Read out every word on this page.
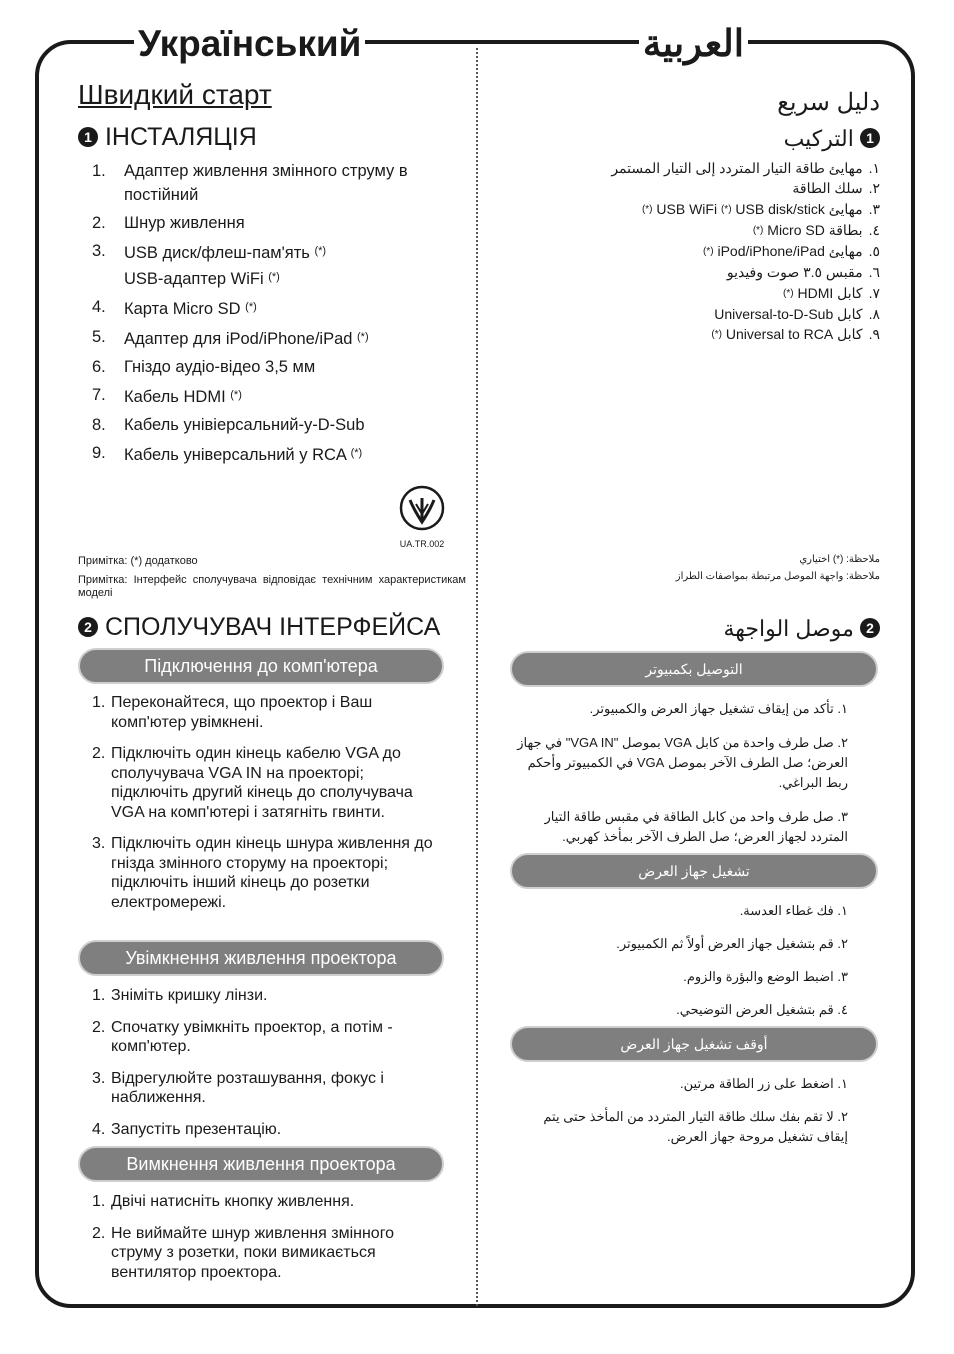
Український	العربية
Швидкий старт
1 ІНСТАЛЯЦІЯ
1. Адаптер живлення змінного струму в постійний
2. Шнур живлення
3. USB диск/флеш-пам'ять (*)
USB-адаптер WiFi (*)
4. Карта Micro SD (*)
5. Адаптер для iPod/iPhone/iPad (*)
6. Гніздо аудіо-відео 3,5 мм
7. Кабель HDMI (*)
8. Кабель унівіерсальний-у-D-Sub
9. Кабель універсальний у RCA (*)
UA.TR.002

Примітка: (*) додатково

Примітка: Інтерфейс сполучувача відповідає технічним характеристикам моделі

2 СПОЛУЧУВАЧ ІНТЕРФЕЙСА
Підключення до комп'ютера
1. Переконайтеся, що проектор і Ваш комп'ютер увімкнені.
2. Підключіть один кінець кабелю VGA до сполучувача VGA IN на проекторі; підключіть другий кінець до сполучувача VGA на комп'ютері і затягніть гвинти.
3. Підключіть один кінець шнура живлення до гнізда змінного сторуму на проекторі; підключіть інший кінець до розетки електромережі.
Увімкнення живлення проектора
1. Зніміть кришку лінзи.
2. Спочатку увімкніть проектор, а потім - комп'ютер.
3. Відрегулюйте розташування, фокус і наближення.
4. Запустіть презентацію.
Вимкнення живлення проектора
1. Двічі натисніть кнопку живлення.
2. Не виймайте шнур живлення змінного струму з розетки, поки вимикається вентилятор проектора.
دليل سريع
1 التركيب
١.مهايئ طاقة التيار المتردد إلى التيار المستمر
٢.سلك الطاقة
٣.مهايئ USB WiFi (*) USB disk/stick (*)
٤.بطاقة Micro SD (*)
٥.مهايئ iPod/iPhone/iPad (*)
٦.مقبس ٣.٥ صوت وفيديو
٧.كابل HDMI (*)
٨.كابل Universal-to-D-Sub
٩.كابل Universal to RCA (*)

ملاحظة: (*) اختياري

ملاحظة: واجهة الموصل مرتبطة بمواصفات الطراز

2 موصل الواجهة
التوصيل بكمبيوتر
١. تأكد من إيقاف تشغيل جهاز العرض والكمبيوتر.
٢. صل طرف واحدة من كابل VGA بموصل "VGA IN" في جهاز العرض؛ صل الطرف الآخر بموصل VGA في الكمبيوتر وأحكم ربط البراغي.
٣. صل طرف واحد من كابل الطاقة في مقبس طاقة التيار المتردد لجهاز العرض؛ صل الطرف الآخر بمأخذ كهربي.
تشغيل جهاز العرض
١. فك غطاء العدسة.
٢. قم بتشغيل جهاز العرض أولاً ثم الكمبيوتر.
٣. اضبط الوضع والبؤرة والزوم.
٤. قم بتشغيل العرض التوضيحي.
أوقف تشغيل جهاز العرض
١. اضغط على زر الطاقة مرتين.
٢. لا تقم بفك سلك طاقة التيار المتردد من المأخذ حتى يتم إيقاف تشغيل مروحة جهاز العرض.
